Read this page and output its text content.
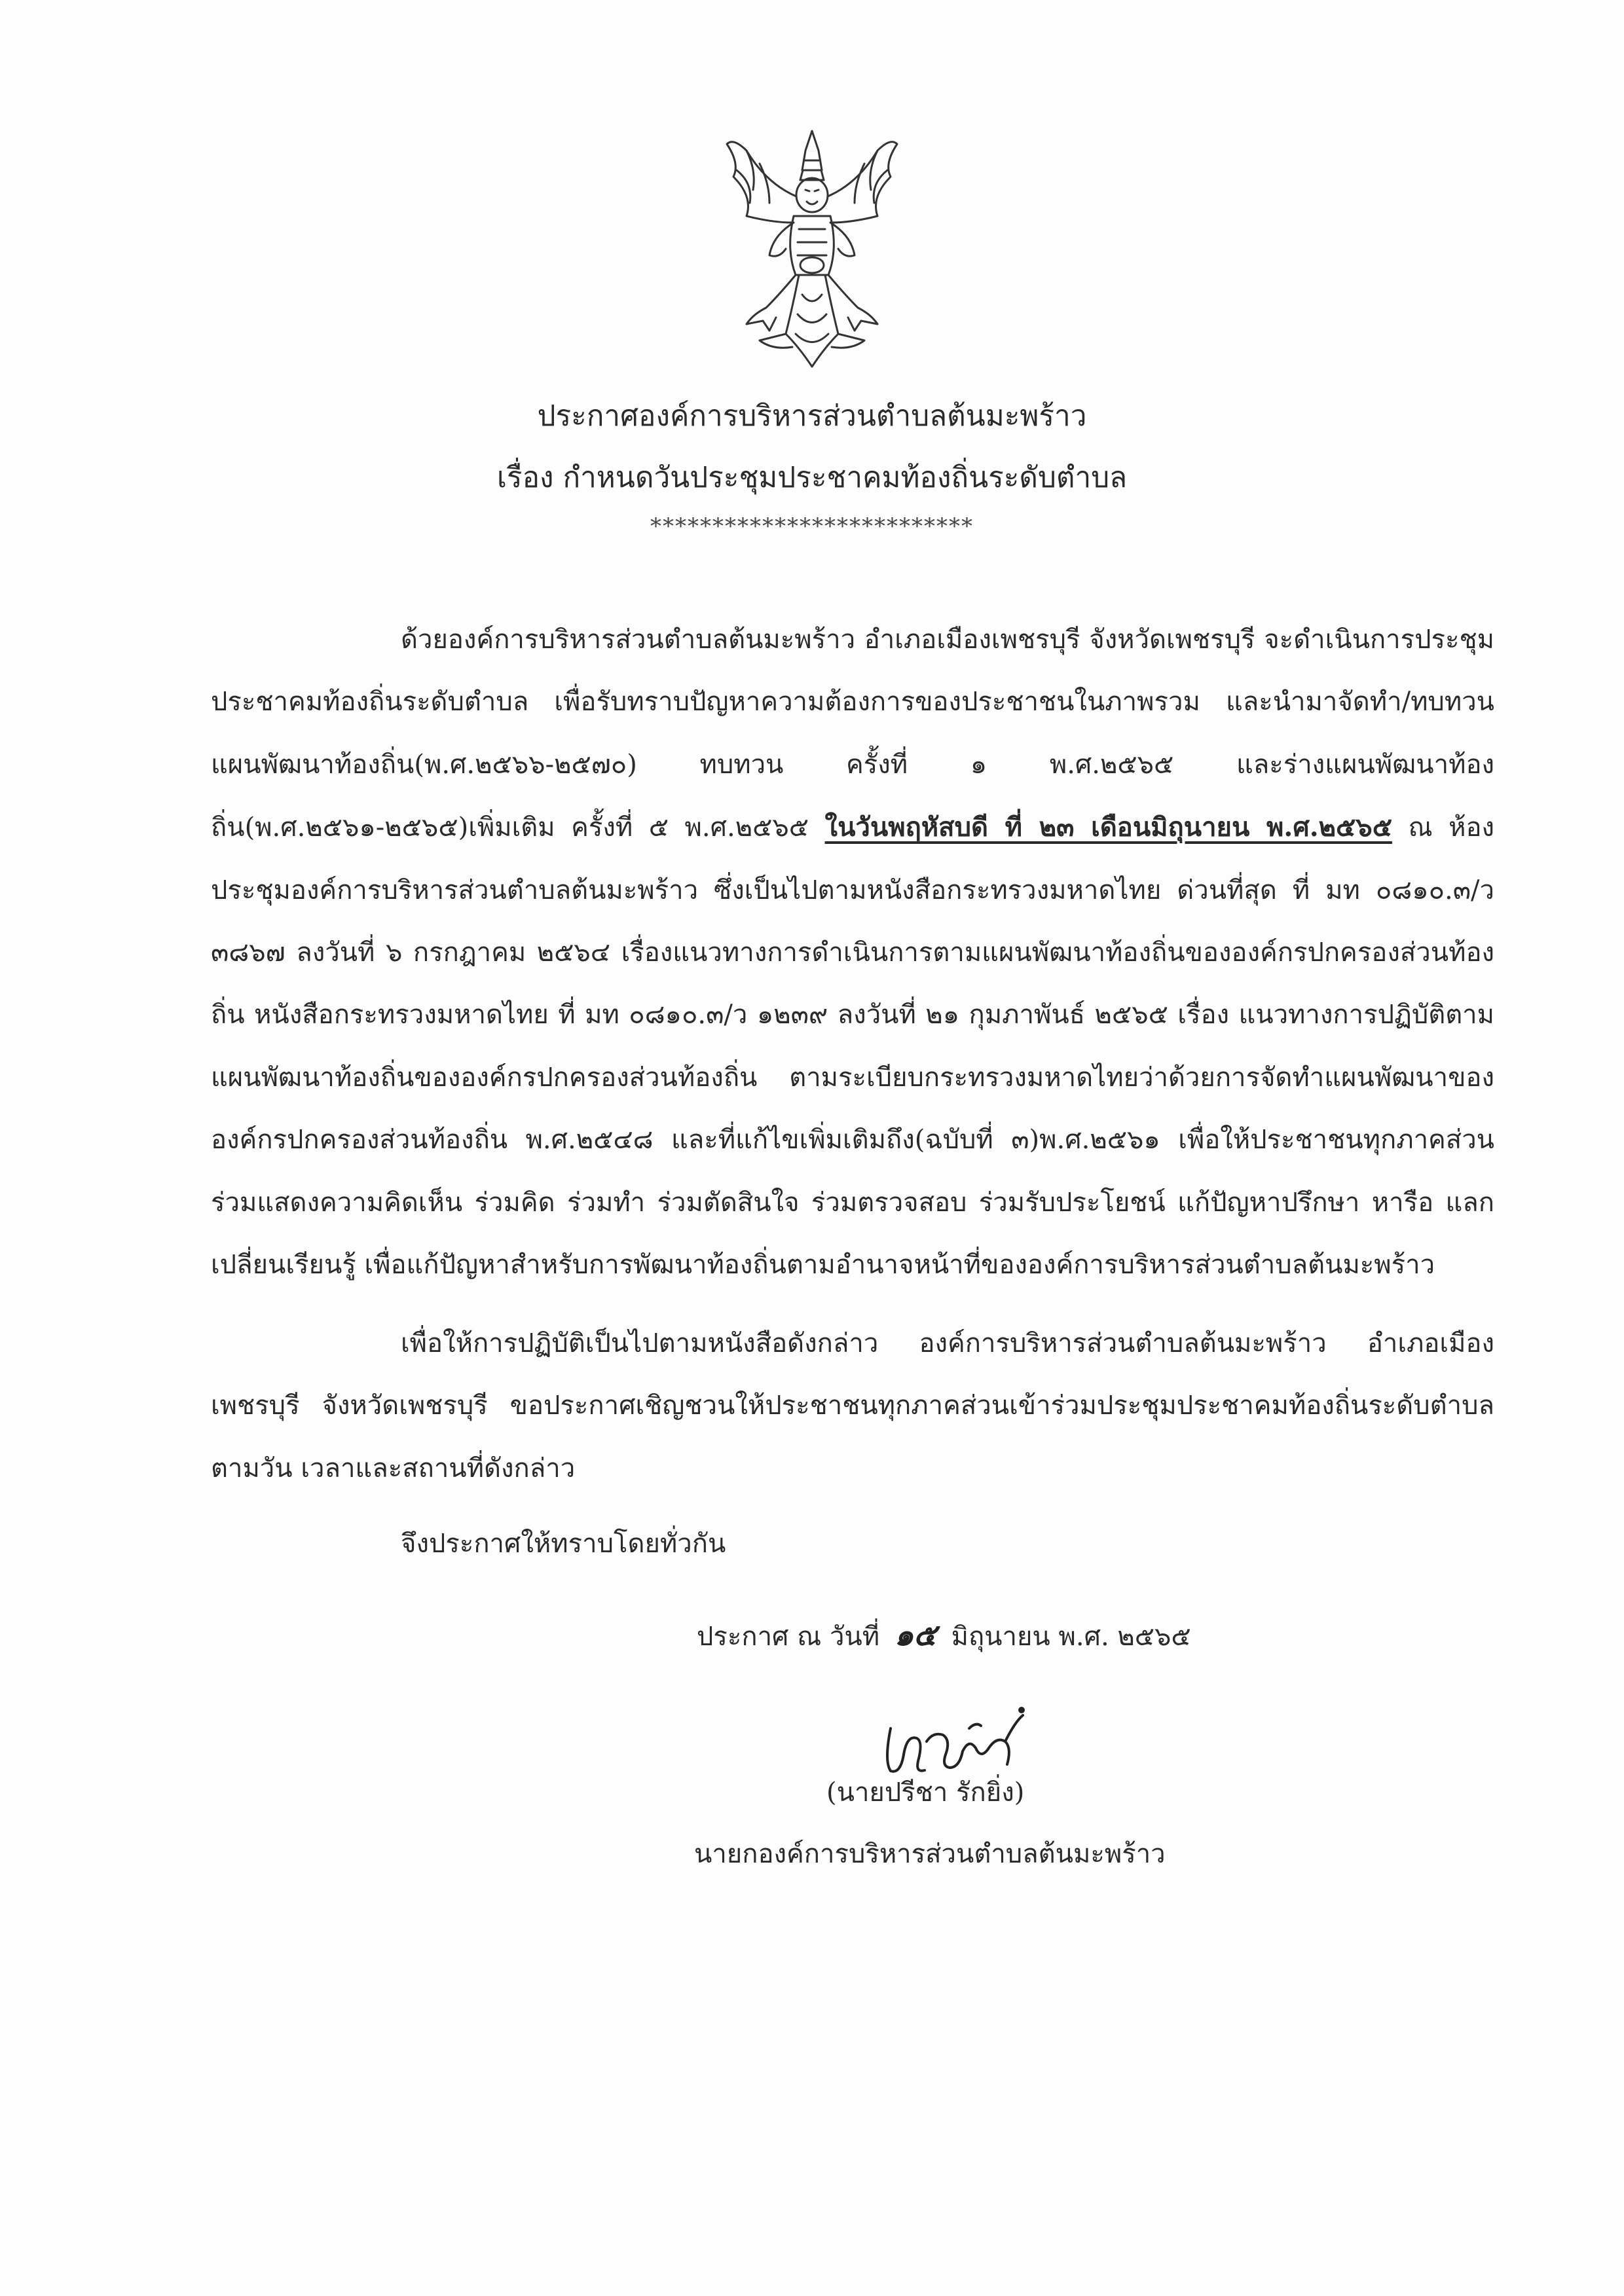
ประกาศองค์การบริหารส่วนตำบลต้นมะพร้าว
เรื่อง กำหนดวันประชุมประชาคมท้องถิ่นระดับตำบล
**************************

ด้วยองค์การบริหารส่วนตำบลต้นมะพร้าว อำเภอเมืองเพชรบุรี จังหวัดเพชรบุรี จะดำเนินการประชุมประชาคมท้องถิ่นระดับตำบล เพื่อรับทราบปัญหาความต้องการของประชาชนในภาพรวม และนำมาจัดทำ/ทบทวนแผนพัฒนาท้องถิ่น(พ.ศ.๒๕๖๖-๒๕๗๐) ทบทวน ครั้งที่ ๑ พ.ศ.๒๕๖๕ และร่างแผนพัฒนาท้องถิ่น(พ.ศ.๒๕๖๑-๒๕๖๕)เพิ่มเติม ครั้งที่ ๕ พ.ศ.๒๕๖๕ ในวันพฤหัสบดี ที่ ๒๓ เดือนมิถุนายน พ.ศ.๒๕๖๕ ณ ห้องประชุมองค์การบริหารส่วนตำบลต้นมะพร้าว ซึ่งเป็นไปตามหนังสือกระทรวงมหาดไทย ด่วนที่สุด ที่ มท ๐๘๑๐.๓/ว ๓๘๖๗ ลงวันที่ ๖ กรกฎาคม ๒๕๖๔ เรื่องแนวทางการดำเนินการตามแผนพัฒนาท้องถิ่นขององค์กรปกครองส่วนท้องถิ่น หนังสือกระทรวงมหาดไทย ที่ มท ๐๘๑๐.๓/ว ๑๒๓๙ ลงวันที่ ๒๑ กุมภาพันธ์ ๒๕๖๕ เรื่อง แนวทางการปฏิบัติตามแผนพัฒนาท้องถิ่นขององค์กรปกครองส่วนท้องถิ่น ตามระเบียบกระทรวงมหาดไทยว่าด้วยการจัดทำแผนพัฒนาขององค์กรปกครองส่วนท้องถิ่น พ.ศ.๒๕๔๘ และที่แก้ไขเพิ่มเติมถึง(ฉบับที่ ๓)พ.ศ.๒๕๖๑ เพื่อให้ประชาชนทุกภาคส่วนร่วมแสดงความคิดเห็น ร่วมคิด ร่วมทำ ร่วมตัดสินใจ ร่วมตรวจสอบ ร่วมรับประโยชน์ แก้ปัญหาปรึกษา หารือ แลกเปลี่ยนเรียนรู้ เพื่อแก้ปัญหาสำหรับการพัฒนาท้องถิ่นตามอำนาจหน้าที่ขององค์การบริหารส่วนตำบลต้นมะพร้าว

เพื่อให้การปฏิบัติเป็นไปตามหนังสือดังกล่าว องค์การบริหารส่วนตำบลต้นมะพร้าว อำเภอเมืองเพชรบุรี จังหวัดเพชรบุรี ขอประกาศเชิญชวนให้ประชาชนทุกภาคส่วนเข้าร่วมประชุมประชาคมท้องถิ่นระดับตำบล ตามวัน เวลาและสถานที่ดังกล่าว

จึงประกาศให้ทราบโดยทั่วกัน
ประกาศ ณ วันที่ ๑๕ มิถุนายน พ.ศ. ๒๕๖๕
(นายปรีชา รักยิ่ง)
นายกองค์การบริหารส่วนตำบลต้นมะพร้าว
